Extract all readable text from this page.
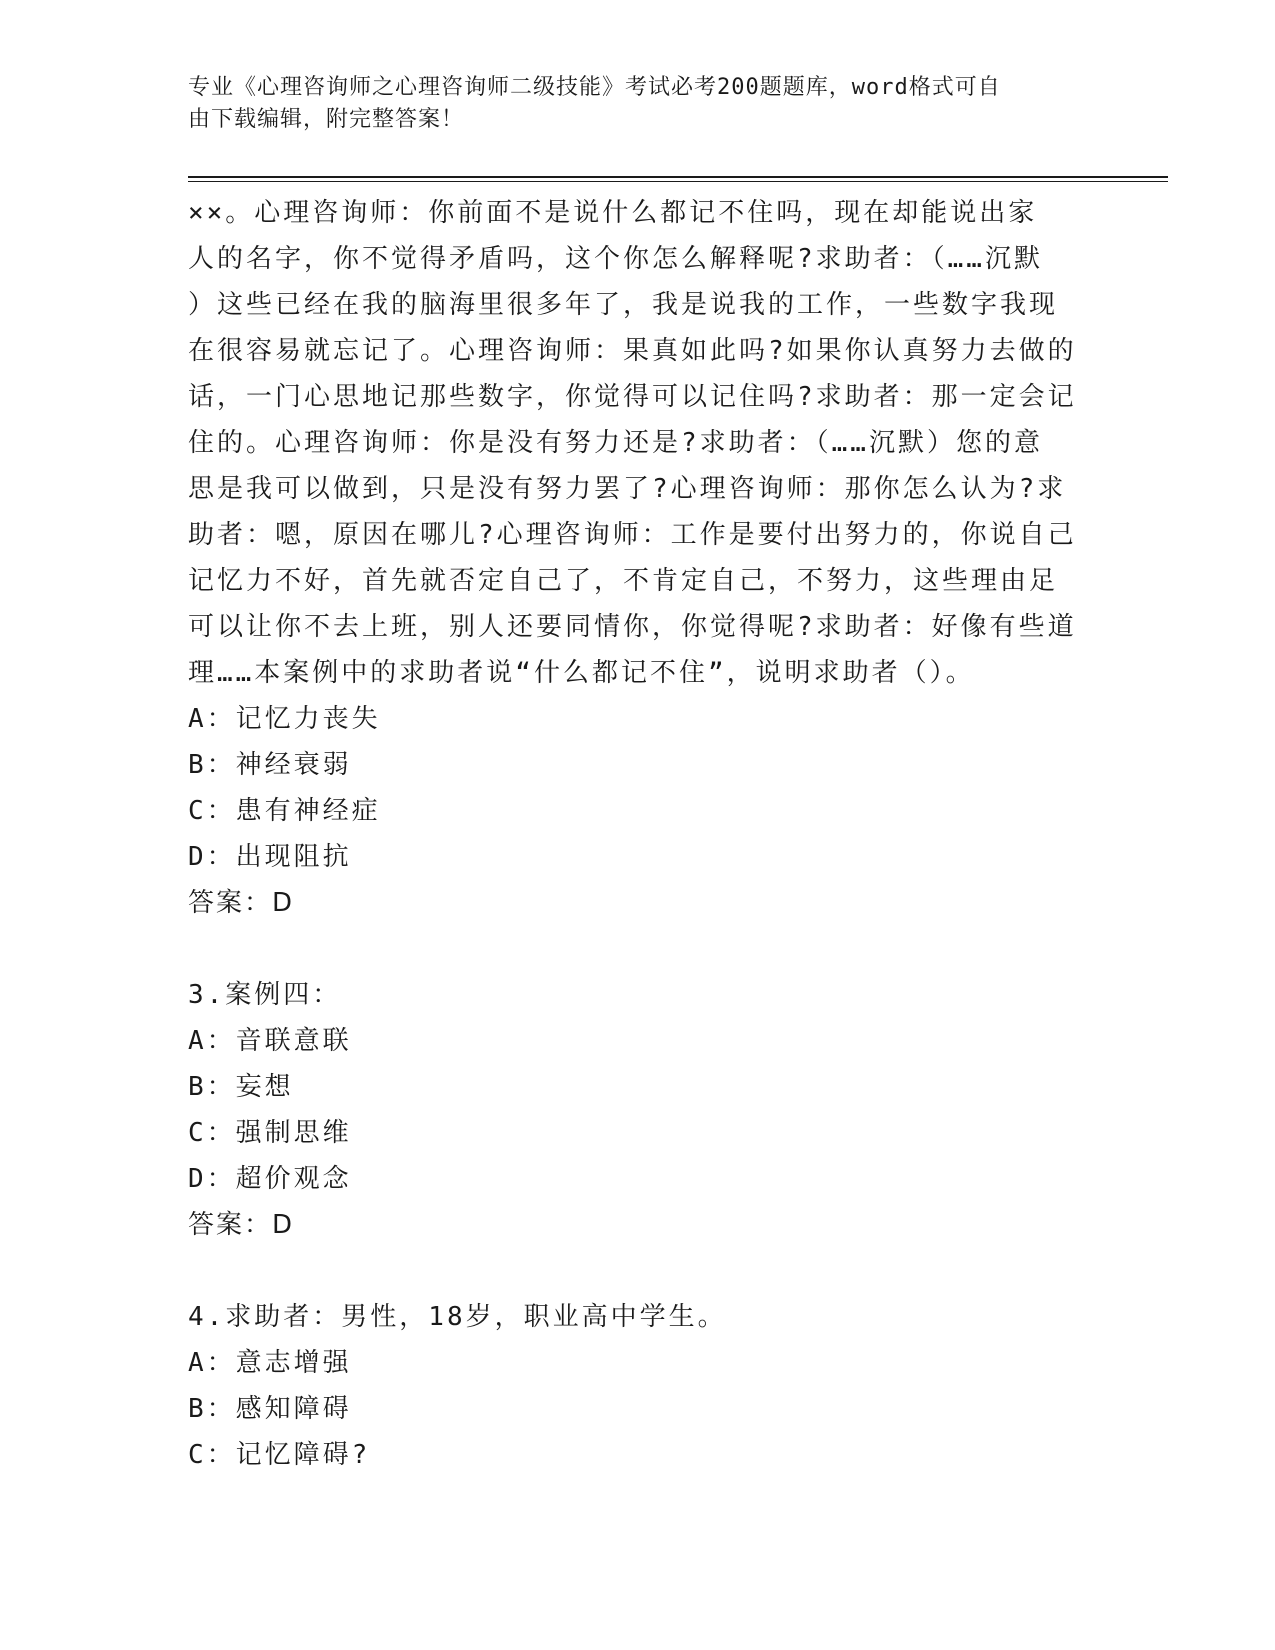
专业《心理咨询师之心理咨询师二级技能》考试必考200题题库，word格式可自
由下载编辑，附完整答案！
××。心理咨询师：你前面不是说什么都记不住吗，现在却能说出家
人的名字，你不觉得矛盾吗，这个你怎么解释呢?求助者：（……沉默
）这些已经在我的脑海里很多年了，我是说我的工作，一些数字我现
在很容易就忘记了。心理咨询师：果真如此吗?如果你认真努力去做的
话，一门心思地记那些数字，你觉得可以记住吗?求助者：那一定会记
住的。心理咨询师：你是没有努力还是?求助者：（……沉默）您的意
思是我可以做到，只是没有努力罢了?心理咨询师：那你怎么认为?求
助者：嗯，原因在哪儿?心理咨询师：工作是要付出努力的，你说自己
记忆力不好，首先就否定自己了，不肯定自己，不努力，这些理由足
可以让你不去上班，别人还要同情你，你觉得呢?求助者：好像有些道
理……本案例中的求助者说“什么都记不住”，说明求助者（）。
A：记忆力丧失
B：神经衰弱
C：患有神经症
D：出现阻抗
答案：D
3.案例四：
A：音联意联
B：妄想
C：强制思维
D：超价观念
答案：D
4.求助者：男性，18岁，职业高中学生。
A：意志增强
B：感知障碍
C：记忆障碍?
